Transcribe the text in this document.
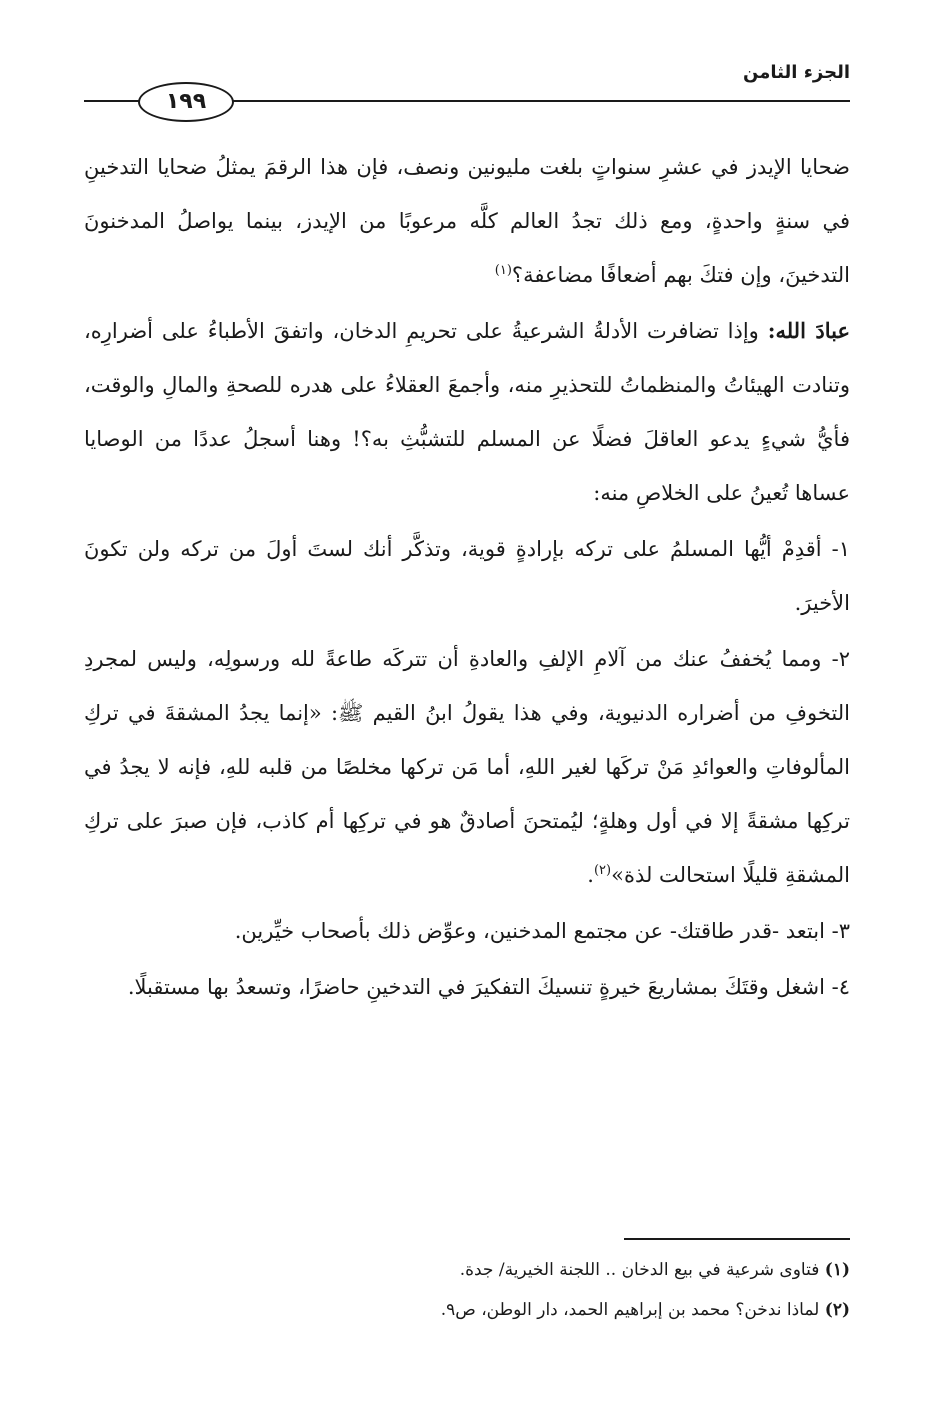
الجزء الثامن
١٩٩

ضحايا الإيدز في عشرِ سنواتٍ بلغت مليونين ونصف، فإن هذا الرقمَ يمثلُ ضحايا التدخينِ في سنةٍ واحدةٍ، ومع ذلك تجدُ العالم كلَّه مرعوبًا من الإيدز، بينما يواصلُ المدخنونَ التدخينَ، وإن فتكَ بهم أضعافًا مضاعفة؟$^{(١)}$

عبادَ الله: وإذا تضافرت الأدلةُ الشرعيةُ على تحريمِ الدخان، واتفقَ الأطباءُ على أضرارِه، وتنادت الهيئاتُ والمنظماتُ للتحذيرِ منه، وأجمعَ العقلاءُ على هدره للصحةِ والمالِ والوقت، فأيُّ شيءٍ يدعو العاقلَ فضلًا عن المسلم للتشبُّثِ به؟! وهنا أسجلُ عددًا من الوصايا عساها تُعينُ على الخلاصِ منه:

١- أقدِمْ أيُّها المسلمُ على تركه بإرادةٍ قوية، وتذكَّر أنك لستَ أولَ من تركه ولن تكونَ الأخيرَ.

٢- ومما يُخففُ عنك من آلامِ الإلفِ والعادةِ أن تتركَه طاعةً لله ورسولِه، وليس لمجردِ التخوفِ من أضراره الدنيوية، وفي هذا يقولُ ابنُ القيم ﷺ: «إنما يجدُ المشقةَ في تركِ المألوفاتِ والعوائدِ مَنْ تركَها لغير اللهِ، أما مَن تركها مخلصًا من قلبه للهِ، فإنه لا يجدُ في تركِها مشقةً إلا في أول وهلةٍ؛ ليُمتحنَ أصادقٌ هو في تركِها أم كاذب، فإن صبرَ على تركِ المشقةِ قليلًا استحالت لذة»$^{(٢)}$.

٣- ابتعد -قدر طاقتك- عن مجتمع المدخنين، وعوِّض ذلك بأصحاب خيِّرين.

٤- اشغل وقتَكَ بمشاريعَ خيرةٍ تنسيكَ التفكيرَ في التدخينِ حاضرًا، وتسعدُ بها مستقبلًا.

(١) فتاوى شرعية في بيع الدخان .. اللجنة الخيرية/ جدة.

(٢) لماذا ندخن؟ محمد بن إبراهيم الحمد، دار الوطن، ص٩.
